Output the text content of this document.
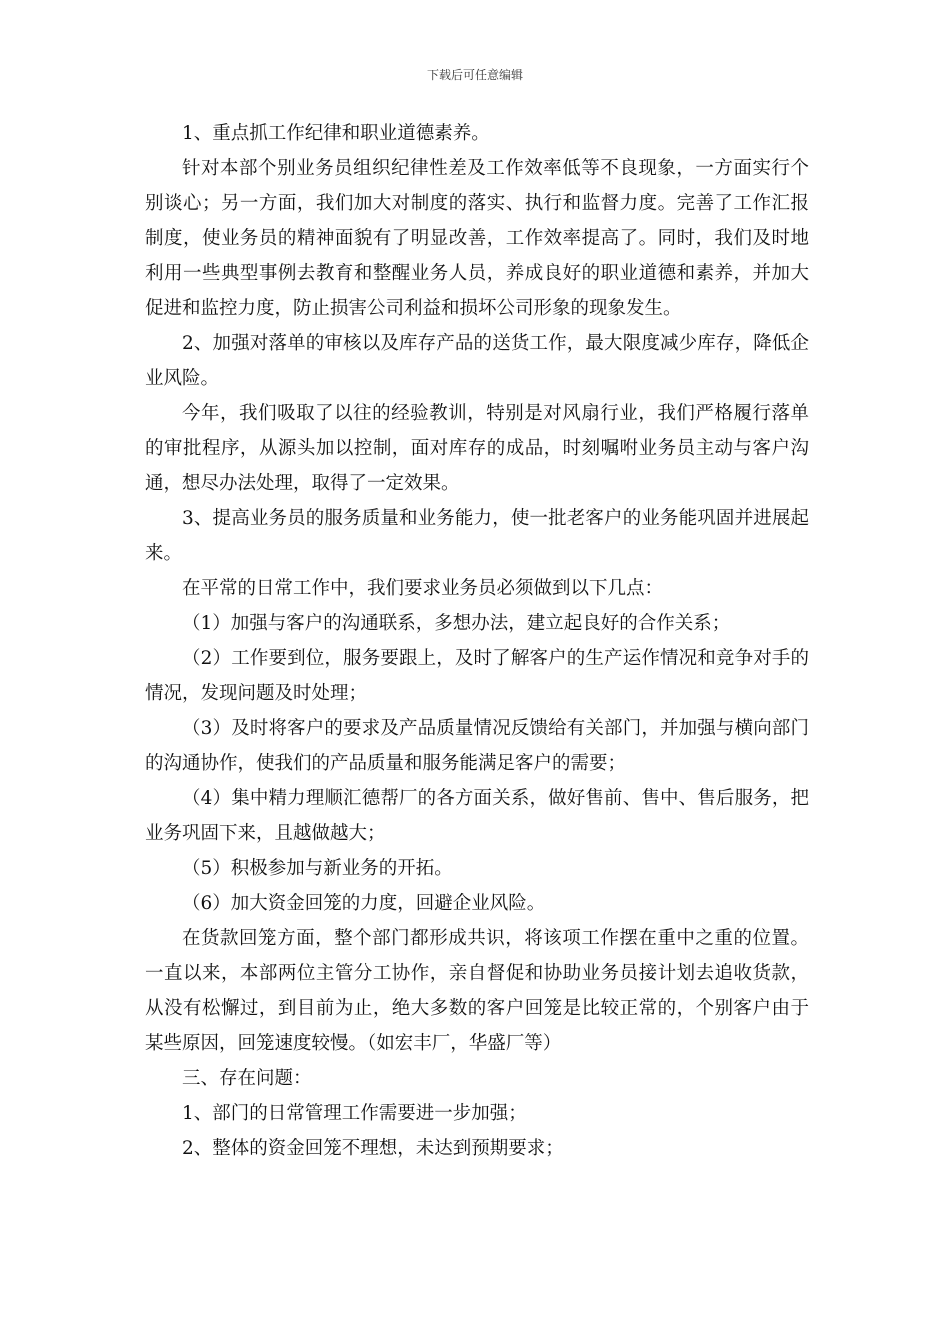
下载后可任意编辑

1、重点抓工作纪律和职业道德素养。

针对本部个别业务员组织纪律性差及工作效率低等不良现象，一方面实行个别谈心；另一方面，我们加大对制度的落实、执行和监督力度。完善了工作汇报制度，使业务员的精神面貌有了明显改善，工作效率提高了。同时，我们及时地利用一些典型事例去教育和整醒业务人员，养成良好的职业道德和素养，并加大促进和监控力度，防止损害公司利益和损坏公司形象的现象发生。

2、加强对落单的审核以及库存产品的送货工作，最大限度减少库存，降低企业风险。

今年，我们吸取了以往的经验教训，特别是对风扇行业，我们严格履行落单的审批程序，从源头加以控制，面对库存的成品，时刻嘱咐业务员主动与客户沟通，想尽办法处理，取得了一定效果。

3、提高业务员的服务质量和业务能力，使一批老客户的业务能巩固并进展起来。

在平常的日常工作中，我们要求业务员必须做到以下几点：

（1）加强与客户的沟通联系，多想办法，建立起良好的合作关系；

（2）工作要到位，服务要跟上，及时了解客户的生产运作情况和竞争对手的情况，发现问题及时处理；

（3）及时将客户的要求及产品质量情况反馈给有关部门，并加强与横向部门的沟通协作，使我们的产品质量和服务能满足客户的需要；

（4）集中精力理顺汇德帮厂的各方面关系，做好售前、售中、售后服务，把业务巩固下来，且越做越大；

（5）积极参加与新业务的开拓。

（6）加大资金回笼的力度，回避企业风险。

在货款回笼方面，整个部门都形成共识，将该项工作摆在重中之重的位置。一直以来，本部两位主管分工协作，亲自督促和协助业务员接计划去追收货款，从没有松懈过，到目前为止，绝大多数的客户回笼是比较正常的，个别客户由于某些原因，回笼速度较慢。（如宏丰厂，华盛厂等）

三、存在问题：

1、部门的日常管理工作需要进一步加强；

2、整体的资金回笼不理想，未达到预期要求；
